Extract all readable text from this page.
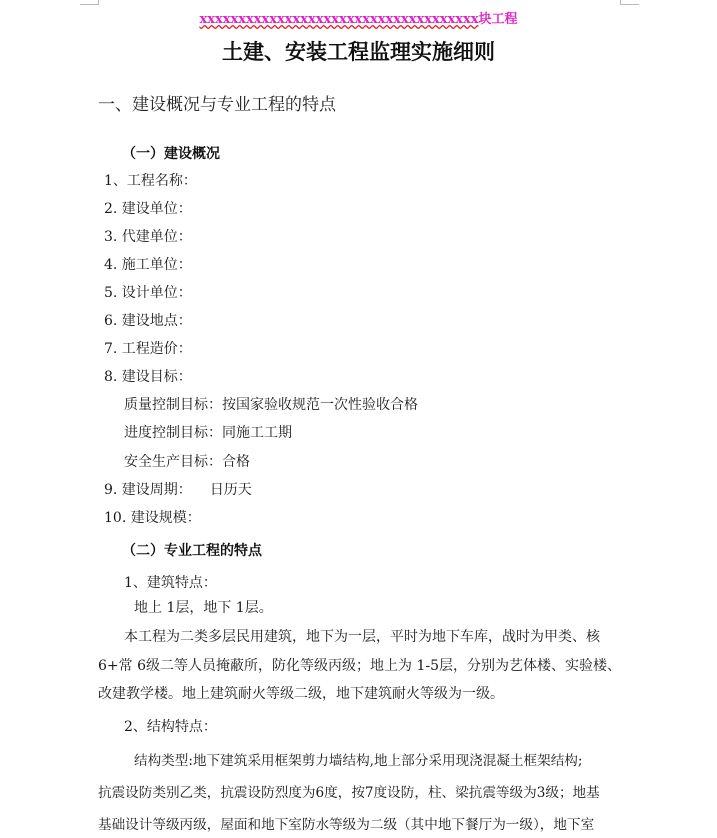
xxxxxxxxxxxxxxxxxxxxxxxxxxxxxxxxxxxx块工程
土建、安装工程监理实施细则
一、建设概况与专业工程的特点
（一）建设概况
1、工程名称：
2. 建设单位：
3. 代建单位：
4. 施工单位：
5. 设计单位：
6. 建设地点：
7. 工程造价：
8. 建设目标：
质量控制目标：按国家验收规范一次性验收合格
进度控制目标：同施工工期
安全生产目标：合格
9. 建设周期： 日历天
10. 建设规模：
（二）专业工程的特点
1、建筑特点：
地上 1层，地下 1层。
本工程为二类多层民用建筑，地下为一层，平时为地下车库，战时为甲类、核
6+常 6级二等人员掩蔽所，防化等级丙级；地上为 1-5层，分别为艺体楼、实验楼、
改建教学楼。地上建筑耐火等级二级，地下建筑耐火等级为一级。
2、结构特点：
结构类型:地下建筑采用框架剪力墙结构,地上部分采用现浇混凝土框架结构;
抗震设防类别乙类，抗震设防烈度为6度，按7度设防，柱、梁抗震等级为3级；地基
基础设计等级丙级，屋面和地下室防水等级为二级（其中地下餐厅为一级），地下室
